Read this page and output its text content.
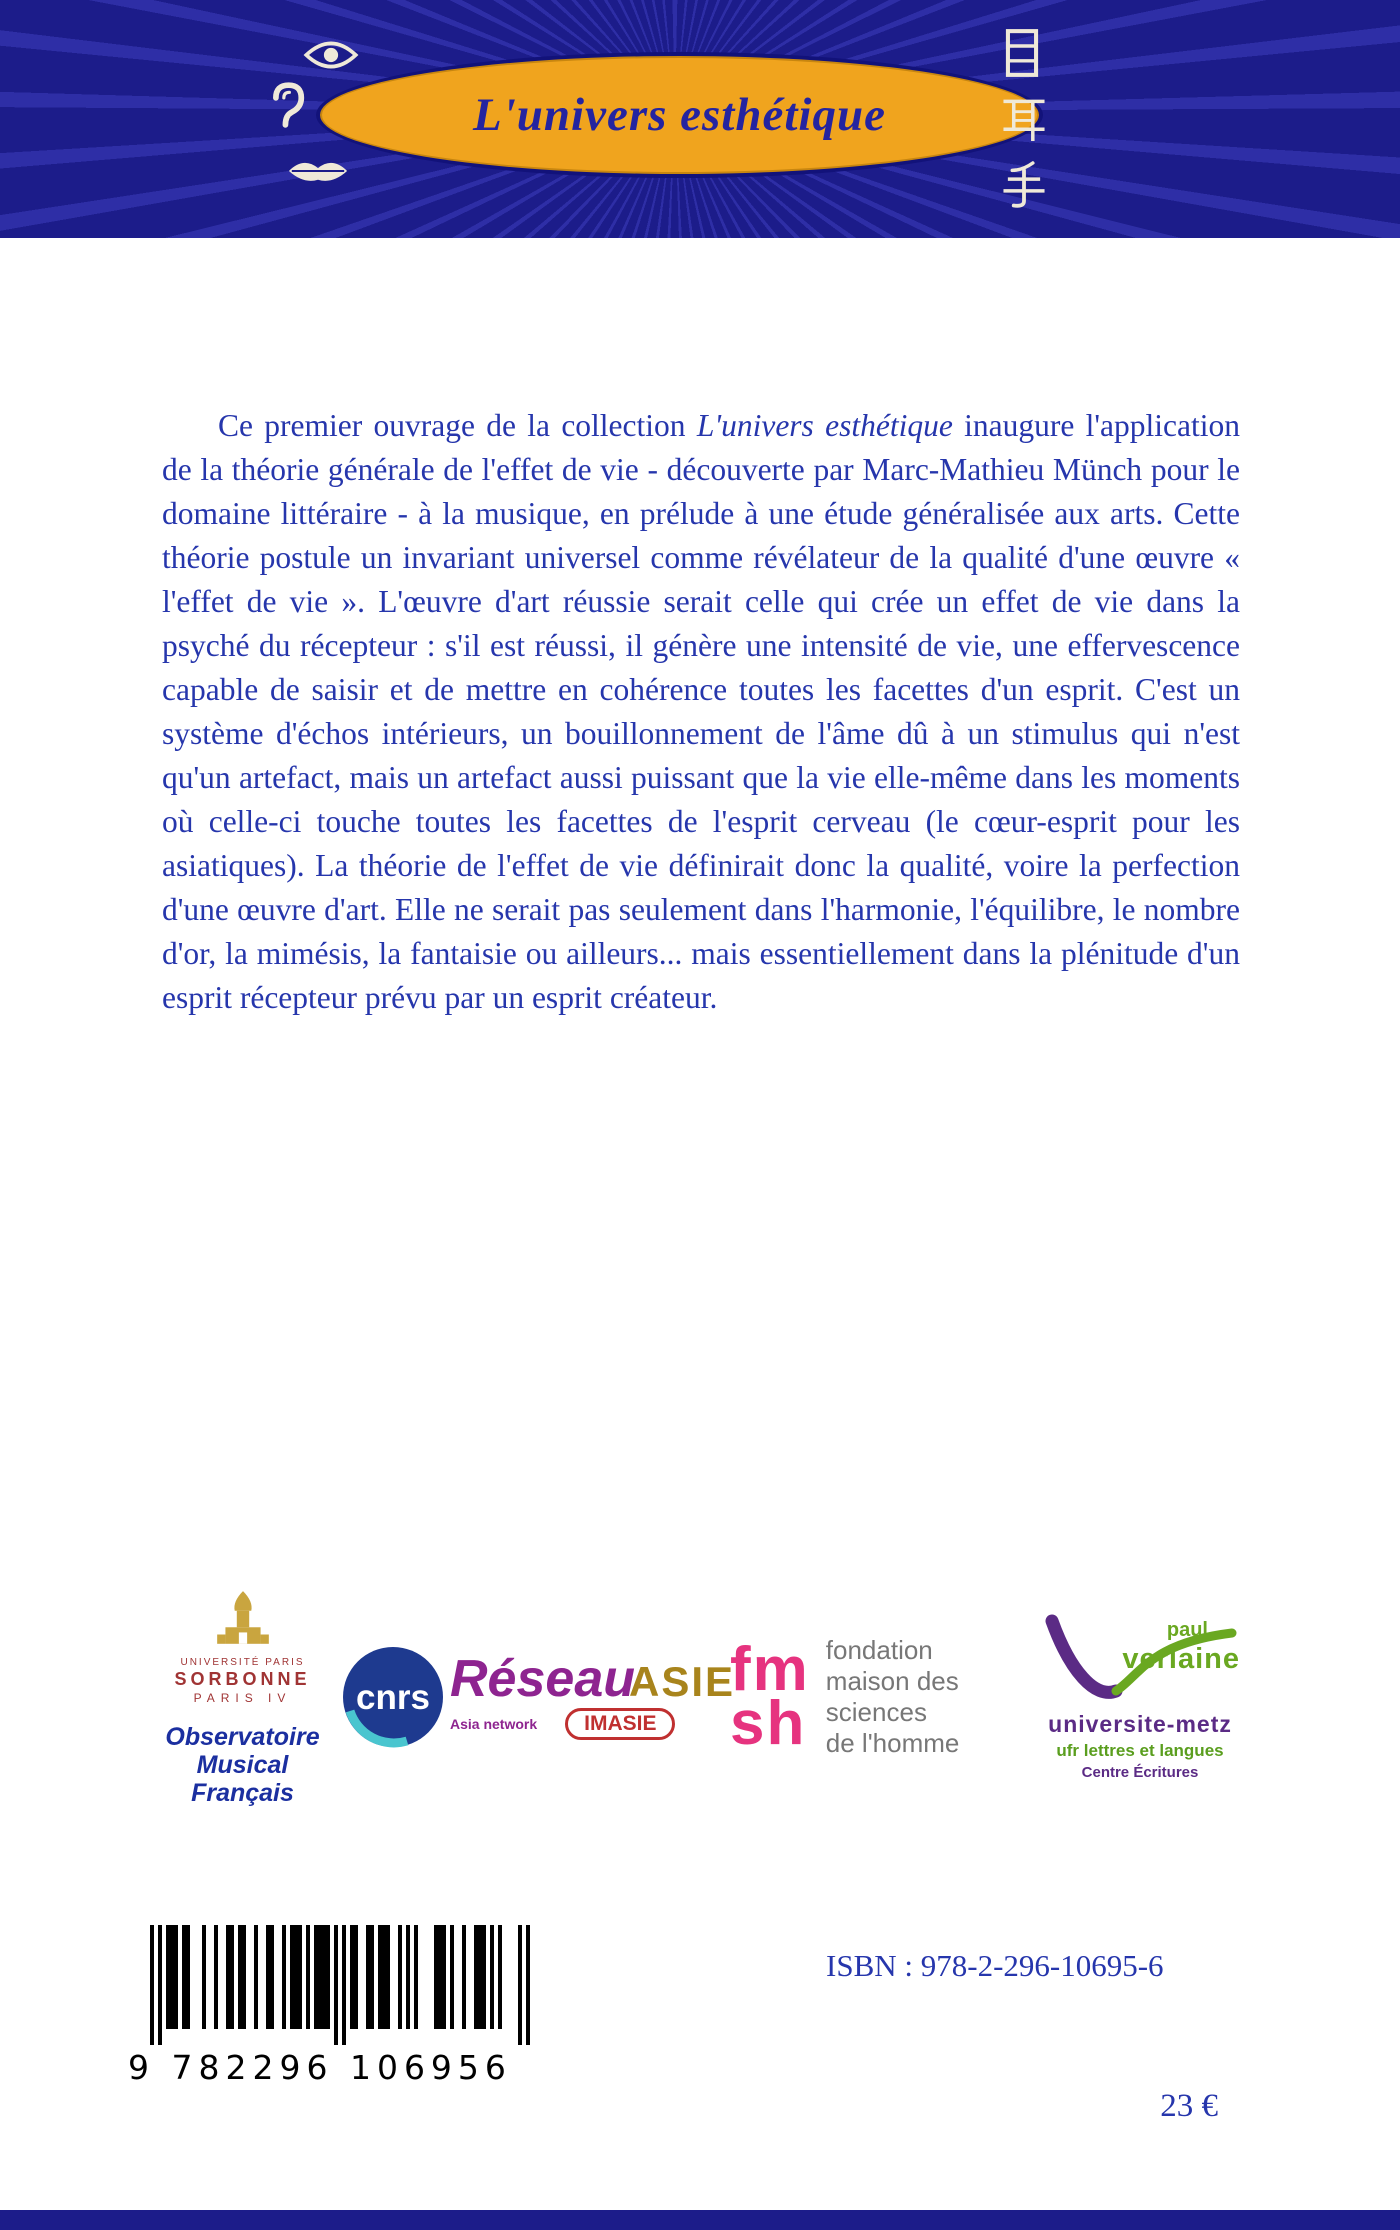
L'univers esthétique

Ce premier ouvrage de la collection L'univers esthétique inaugure l'application de la théorie générale de l'effet de vie - découverte par Marc-Mathieu Münch pour le domaine littéraire - à la musique, en prélude à une étude généralisée aux arts. Cette théorie postule un invariant universel comme révélateur de la qualité d'une œuvre « l'effet de vie ». L'œuvre d'art réussie serait celle qui crée un effet de vie dans la psyché du récepteur : s'il est réussi, il génère une intensité de vie, une effervescence capable de saisir et de mettre en cohérence toutes les facettes d'un esprit. C'est un système d'échos intérieurs, un bouillonnement de l'âme dû à un stimulus qui n'est qu'un artefact, mais un artefact aussi puissant que la vie elle-même dans les moments où celle-ci touche toutes les facettes de l'esprit cerveau (le cœur-esprit pour les asiatiques). La théorie de l'effet de vie définirait donc la qualité, voire la perfection d'une œuvre d'art. Elle ne serait pas seulement dans l'harmonie, l'équilibre, le nombre d'or, la mimésis, la fantaisie ou ailleurs... mais essentiellement dans la plénitude d'un esprit récepteur prévu par un esprit créateur.

UNIVERSITÉ PARIS
SORBONNE
PARIS IV
Observatoire
Musical Français
cnrs Réseau
ASIE
Asia network	IMASIE
fm
sh
fondation
maison des
sciences
de l'homme
paul
verlaine
universite-metz
ufr lettres et langues
Centre Écritures
9 782296 106956
ISBN : 978-2-296-10695-6
23 €
